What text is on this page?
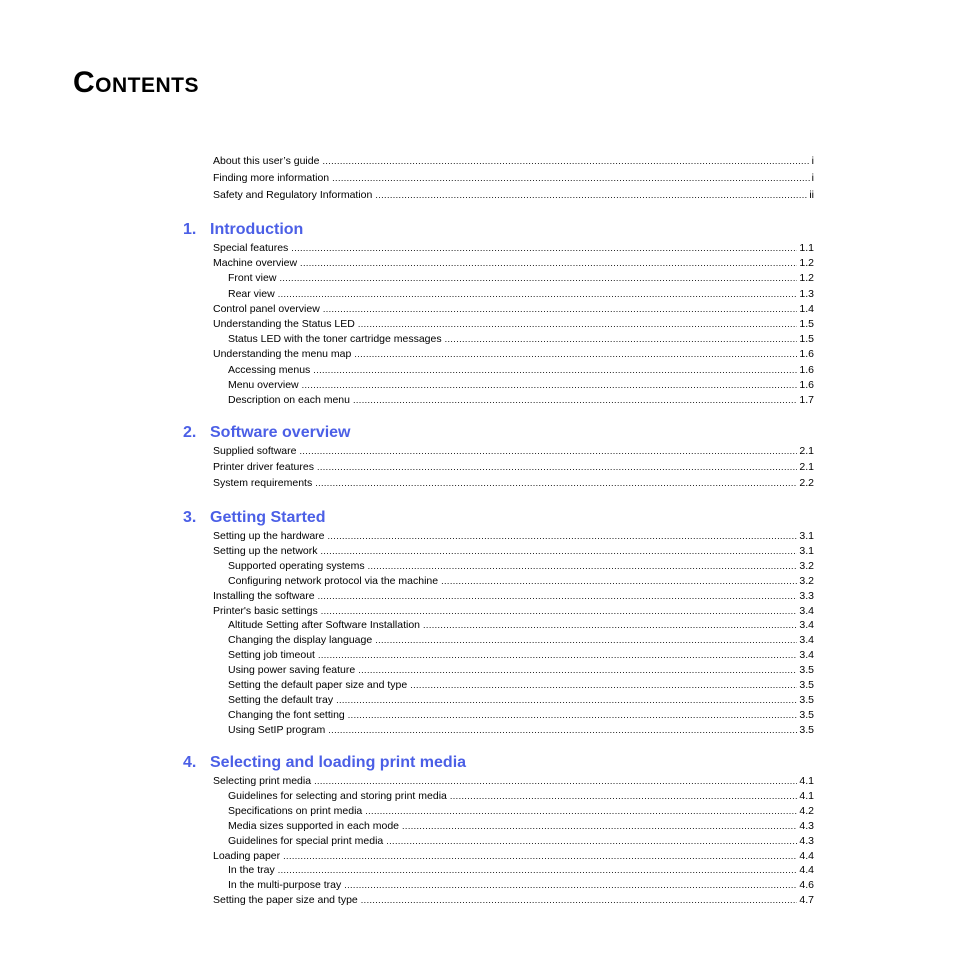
Contents
About this user’s guide .....	i
Finding more information .....	i
Safety and Regulatory Information .....	ii
1. Introduction
Special features .....	1.1
Machine overview .....	1.2
Front view .....	1.2
Rear view .....	1.3
Control panel overview .....	1.4
Understanding the Status LED .....	1.5
Status LED with the toner cartridge messages .....	1.5
Understanding the menu map .....	1.6
Accessing menus .....	1.6
Menu overview .....	1.6
Description on each menu .....	1.7
2. Software overview
Supplied software .....	2.1
Printer driver features .....	2.1
System requirements .....	2.2
3. Getting Started
Setting up the hardware .....	3.1
Setting up the network .....	3.1
Supported operating systems .....	3.2
Configuring network protocol via the machine .....	3.2
Installing the software .....	3.3
Printer's basic settings .....	3.4
Altitude Setting after Software Installation .....	3.4
Changing the display language .....	3.4
Setting job timeout .....	3.4
Using power saving feature .....	3.5
Setting the default paper size and type .....	3.5
Setting the default tray .....	3.5
Changing the font setting .....	3.5
Using SetIP program .....	3.5
4. Selecting and loading print media
Selecting print media .....	4.1
Guidelines for selecting and storing print media .....	4.1
Specifications on print media .....	4.2
Media sizes supported in each mode .....	4.3
Guidelines for special print media .....	4.3
Loading paper .....	4.4
In the tray .....	4.4
In the multi-purpose tray .....	4.6
Setting the paper size and type .....	4.7
